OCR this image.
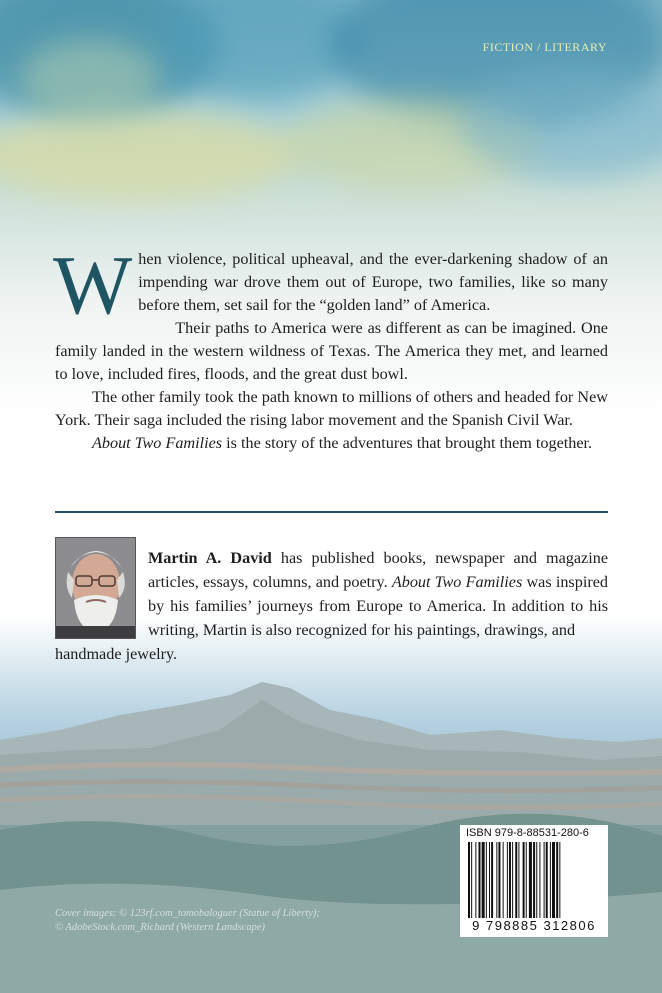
FICTION / LITERARY

When violence, political upheaval, and the ever-darkening shadow of an impending war drove them out of Europe, two families, like so many before them, set sail for the “golden land” of America.

Their paths to America were as different as can be imagined. One family landed in the western wildness of Texas. The America they met, and learned to love, included fires, floods, and the great dust bowl.

The other family took the path known to millions of others and headed for New York. Their saga included the rising labor movement and the Spanish Civil War.

About Two Families is the story of the adventures that brought them together.

Martin A. David has published books, newspaper and magazine articles, essays, columns, and poetry. About Two Families was inspired by his families’ journeys from Europe to America. In addition to his writing, Martin is also recognized for his paintings, drawings, and
handmade jewelry.
Cover images: © 123rf.com_tomobaloguer (Statue of Liberty);
© AdobeStock.com_Richard (Western Landscape)
ISBN 979-8-88531-280-6
9 798885 312806
